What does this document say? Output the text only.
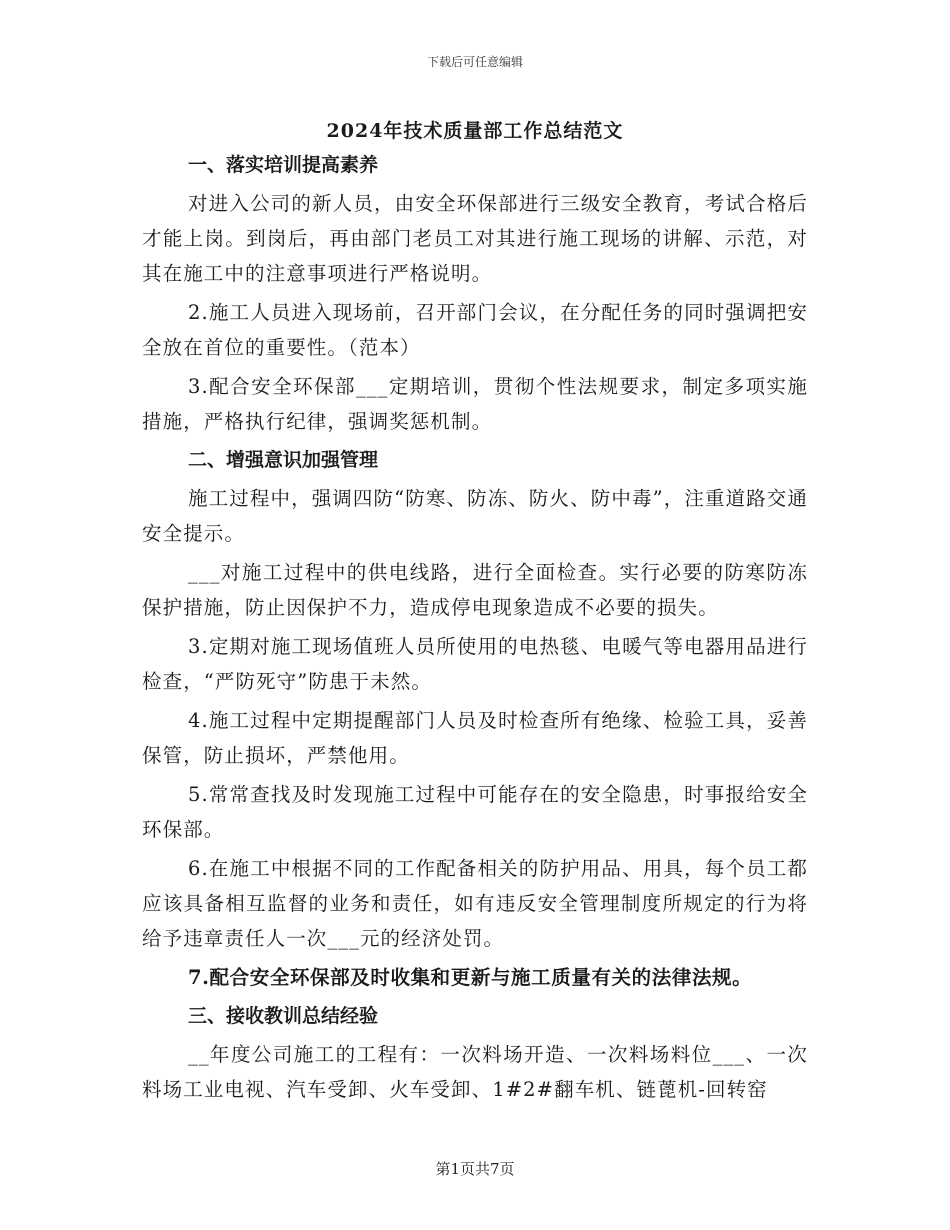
下载后可任意编辑
2024年技术质量部工作总结范文
一、落实培训提高素养

对进入公司的新人员，由安全环保部进行三级安全教育，考试合格后才能上岗。到岗后，再由部门老员工对其进行施工现场的讲解、示范，对其在施工中的注意事项进行严格说明。

2.施工人员进入现场前，召开部门会议，在分配任务的同时强调把安全放在首位的重要性。（范本）

3.配合安全环保部___定期培训，贯彻个性法规要求，制定多项实施措施，严格执行纪律，强调奖惩机制。

二、增强意识加强管理

施工过程中，强调四防“防寒、防冻、防火、防中毒”，注重道路交通安全提示。

___对施工过程中的供电线路，进行全面检查。实行必要的防寒防冻保护措施，防止因保护不力，造成停电现象造成不必要的损失。

3.定期对施工现场值班人员所使用的电热毯、电暖气等电器用品进行检查，“严防死守”防患于未然。

4.施工过程中定期提醒部门人员及时检查所有绝缘、检验工具，妥善保管，防止损坏，严禁他用。

5.常常查找及时发现施工过程中可能存在的安全隐患，时事报给安全环保部。

6.在施工中根据不同的工作配备相关的防护用品、用具，每个员工都应该具备相互监督的业务和责任，如有违反安全管理制度所规定的行为将给予违章责任人一次___元的经济处罚。

7.配合安全环保部及时收集和更新与施工质量有关的法律法规。

三、接收教训总结经验

__年度公司施工的工程有：一次料场开造、一次料场料位___、一次料场工业电视、汽车受卸、火车受卸、1#2#翻车机、链蓖机-回转窑

第1页共7页
